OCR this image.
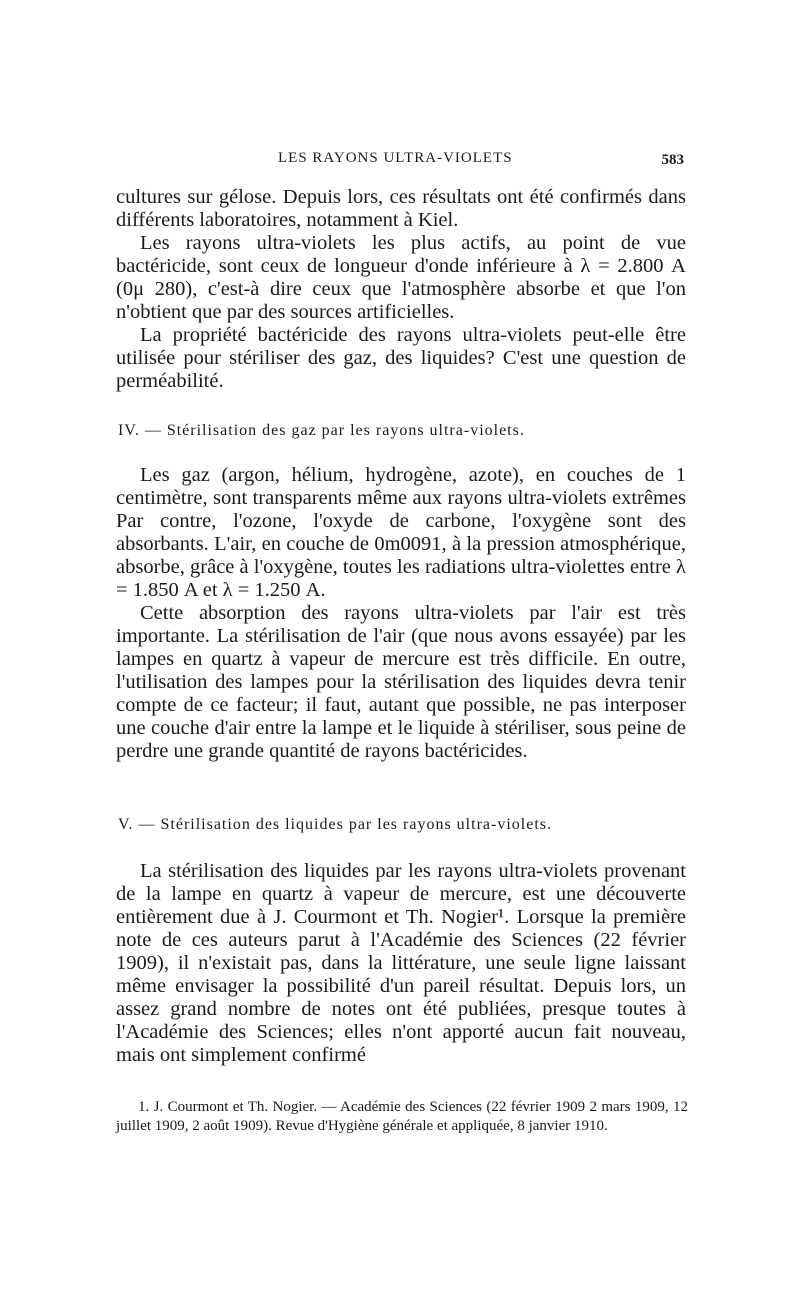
LES RAYONS ULTRA-VIOLETS	583

cultures sur gélose. Depuis lors, ces résultats ont été confirmés dans différents laboratoires, notamment à Kiel.

Les rayons ultra-violets les plus actifs, au point de vue bactéricide, sont ceux de longueur d'onde inférieure à λ = 2.800 A (0μ 280), c'est-à dire ceux que l'atmosphère absorbe et que l'on n'obtient que par des sources artificielles.

La propriété bactéricide des rayons ultra-violets peut-elle être utilisée pour stériliser des gaz, des liquides? C'est une question de perméabilité.

IV. — Stérilisation des gaz par les rayons ultra-violets.

Les gaz (argon, hélium, hydrogène, azote), en couches de 1 centimètre, sont transparents même aux rayons ultra-violets extrêmes Par contre, l'ozone, l'oxyde de carbone, l'oxygène sont des absorbants. L'air, en couche de 0m0091, à la pression atmosphérique, absorbe, grâce à l'oxygène, toutes les radiations ultra-violettes entre λ = 1.850 A et λ = 1.250 A.

Cette absorption des rayons ultra-violets par l'air est très importante. La stérilisation de l'air (que nous avons essayée) par les lampes en quartz à vapeur de mercure est très difficile. En outre, l'utilisation des lampes pour la stérilisation des liquides devra tenir compte de ce facteur; il faut, autant que possible, ne pas interposer une couche d'air entre la lampe et le liquide à stériliser, sous peine de perdre une grande quantité de rayons bactéricides.

V. — Stérilisation des liquides par les rayons ultra-violets.

La stérilisation des liquides par les rayons ultra-violets provenant de la lampe en quartz à vapeur de mercure, est une découverte entièrement due à J. Courmont et Th. Nogier¹. Lorsque la première note de ces auteurs parut à l'Académie des Sciences (22 février 1909), il n'existait pas, dans la littérature, une seule ligne laissant même envisager la possibilité d'un pareil résultat. Depuis lors, un assez grand nombre de notes ont été publiées, presque toutes à l'Académie des Sciences; elles n'ont apporté aucun fait nouveau, mais ont simplement confirmé

1. J. Courmont et Th. Nogier. — Académie des Sciences (22 février 1909 2 mars 1909, 12 juillet 1909, 2 août 1909). Revue d'Hygiène générale et appliquée, 8 janvier 1910.
